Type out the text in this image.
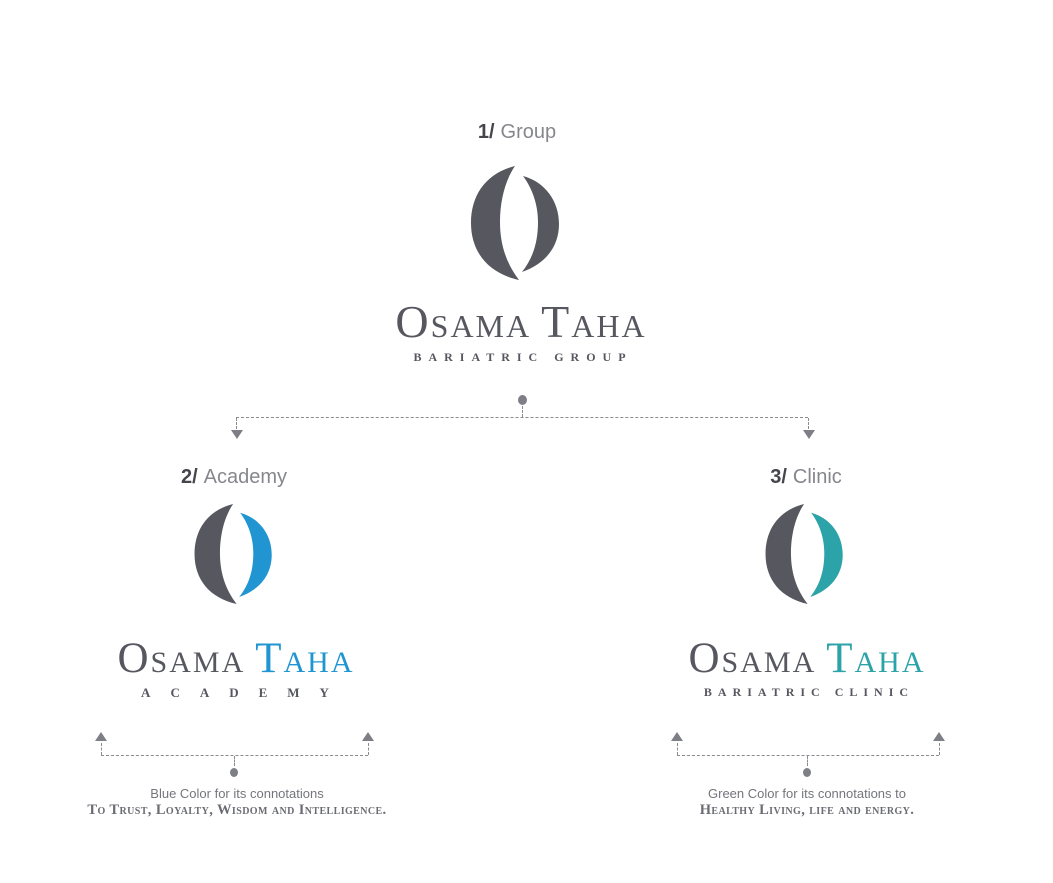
1/ Group
Osama Taha
BARIATRIC GROUP
2/ Academy
Osama Taha
ACADEMY
3/ Clinic
Osama Taha
BARIATRIC CLINIC
Blue Color for its connotations
To Trust, Loyalty, Wisdom and Intelligence.
Green Color for its connotations to
Healthy Living, life and energy.
